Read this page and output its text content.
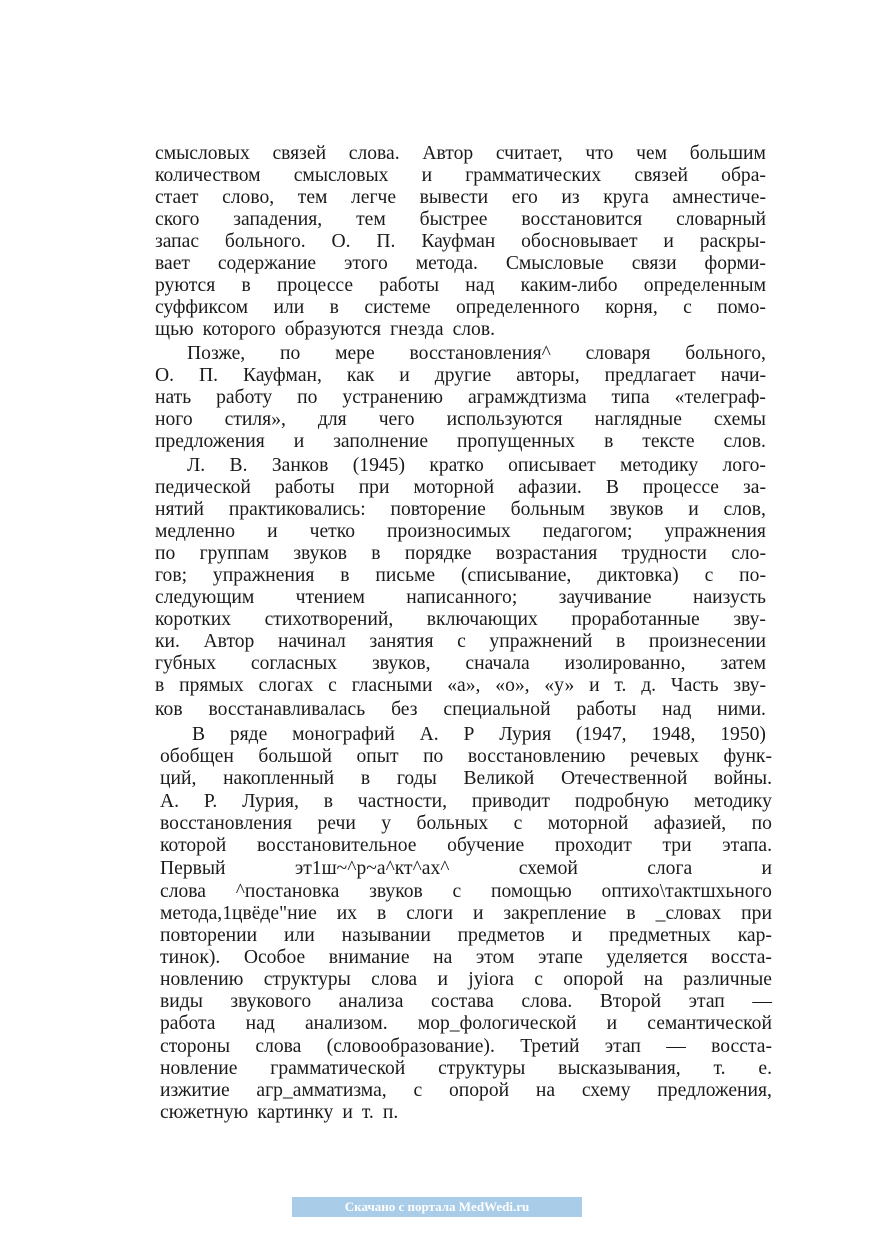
смысловых связей слова. Автор считает, что чем большим
количеством смысловых и грамматических связей обра-
стает слово, тем легче вывести его из круга амнестиче-
ского западения, тем быстрее восстановится словарный
запас больного. О. П. Кауфман обосновывает и раскры-
вает содержание этого метода. Смысловые связи форми-
руются в процессе работы над каким-либо определенным
суффиксом или в системе определенного корня, с помо-
щью которого образуются гнезда слов.
Позже, по мере восстановления^ словаря больного,
О. П. Кауфман, как и другие авторы, предлагает начи-
нать работу по устранению аграмждтизма типа «телеграф-
ного стиля», для чего используются наглядные схемы
предложения и заполнение пропущенных в тексте слов.
Л. В. Занков (1945) кратко описывает методику лого-
педической работы при моторной афазии. В процессе за-
нятий практиковались: повторение больным звуков и слов,
медленно и четко произносимых педагогом; упражнения
по группам звуков в порядке возрастания трудности сло-
гов; упражнения в письме (списывание, диктовка) с по-
следующим чтением написанного; заучивание наизусть
коротких стихотворений, включающих проработанные зву-
ки. Автор начинал занятия с упражнений в произнесении
губных согласных звуков, сначала изолированно, затем
в прямых слогах с гласными «а», «о», «у» и т. д. Часть зву-
ков восстанавливалась без специальной работы над ними.
В ряде монографий А. Р Лурия (1947, 1948, 1950)
обобщен большой опыт по восстановлению речевых функ-
ций, накопленный в годы Великой Отечественной войны.
А. Р. Лурия, в частности, приводит подробную методику
восстановления речи у больных с моторной афазией, по
которой восстановительное обучение проходит три этапа.
Первый	эт1ш~^р~а^кт^ах^	схемой	слога	и
слова ^постановка звуков с помощью оптихо\тактшхьного
метода,1цвёде"ние их в слоги и закрепление в _словах при
повторении или назывании предметов и предметных кар-
тинок). Особое внимание на этом этапе уделяется восста-
новлению структуры слова и jyiora с опорой на различные
виды звукового анализа состава слова. Второй этап —
работа над анализом. мор_фологической и семантической
стороны слова (словообразование). Третий этап — восста-
новление грамматической структуры высказывания, т. е.
изжитие агр_амматизма, с опорой на схему предложения,
сюжетную картинку и т. п.
Скачано с портала MedWedi.ru
